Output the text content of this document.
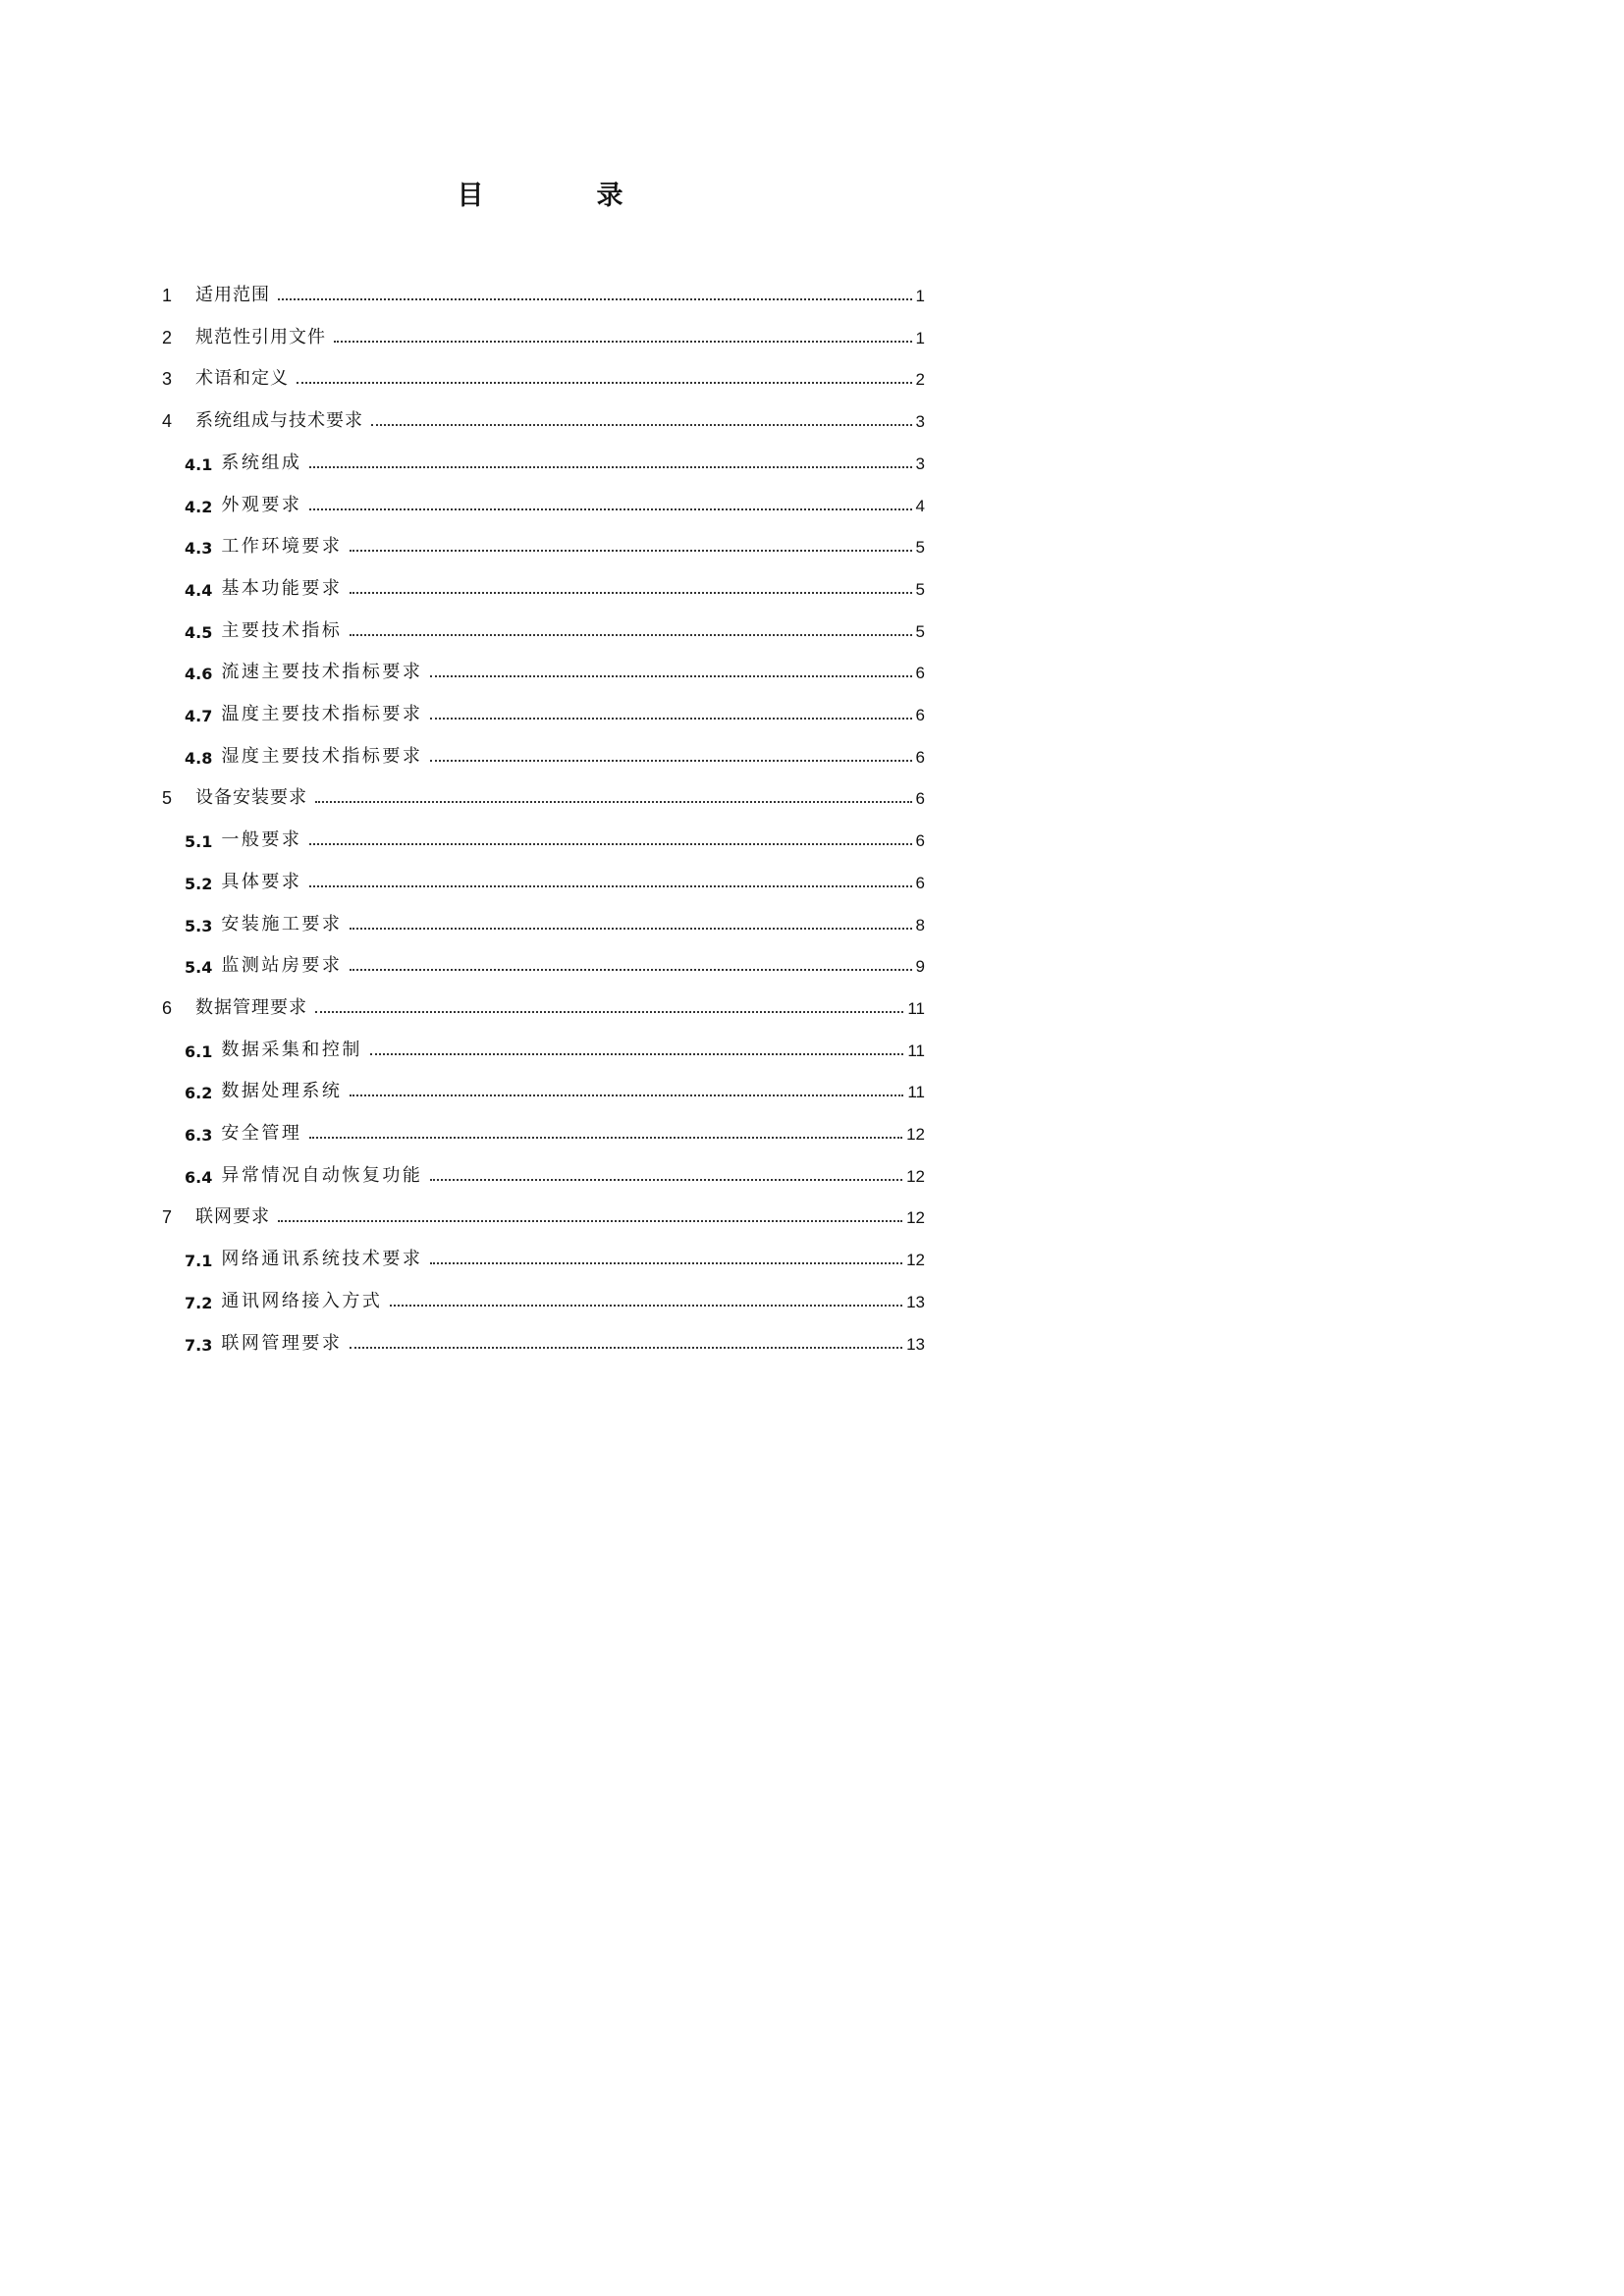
目　录
1	适用范围	1
2	规范性引用文件	1
3	术语和定义	2
4	系统组成与技术要求	3
4.1 系统组成	3
4.2 外观要求	4
4.3 工作环境要求	5
4.4 基本功能要求	5
4.5 主要技术指标	5
4.6 流速主要技术指标要求	6
4.7 温度主要技术指标要求	6
4.8 湿度主要技术指标要求	6
5	设备安装要求	6
5.1 一般要求	6
5.2 具体要求	6
5.3 安装施工要求	8
5.4 监测站房要求	9
6	数据管理要求	11
6.1 数据采集和控制	11
6.2 数据处理系统	11
6.3 安全管理	12
6.4 异常情况自动恢复功能	12
7	联网要求	12
7.1 网络通讯系统技术要求	12
7.2 通讯网络接入方式	13
7.3 联网管理要求	13
